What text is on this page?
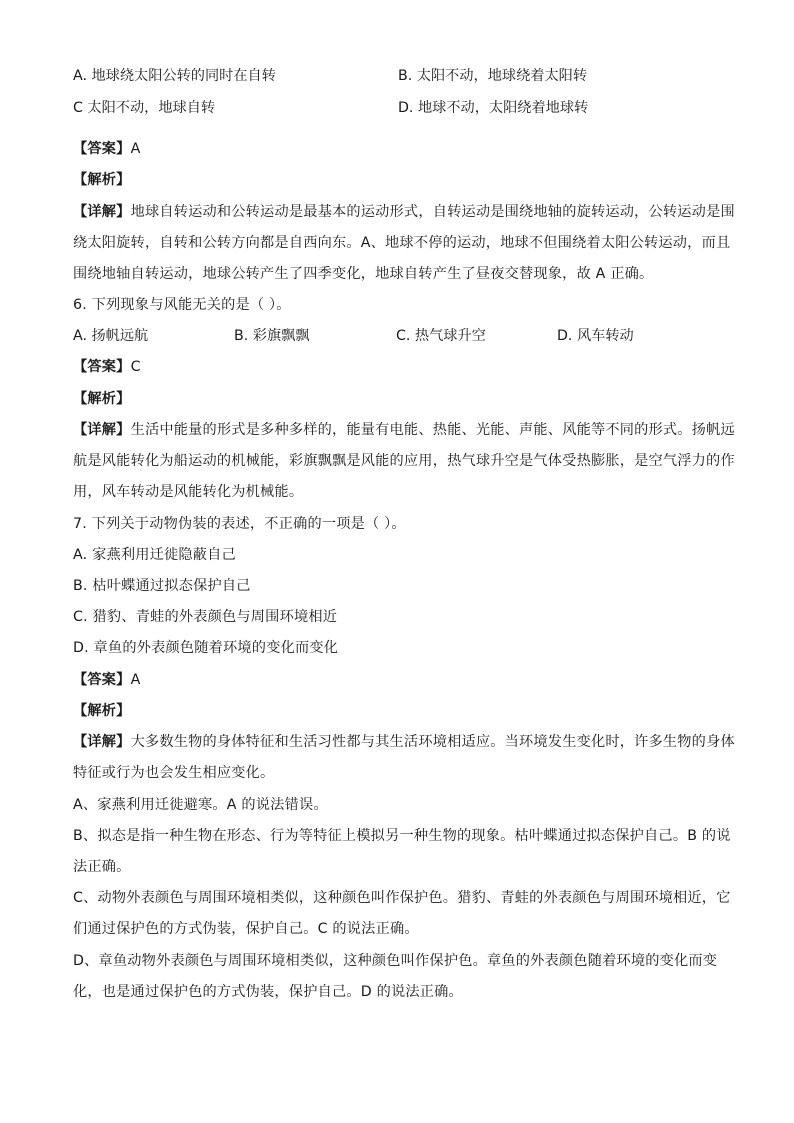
A. 地球绕太阳公转的同时在自转	B. 太阳不动，地球绕着太阳转
C 太阳不动，地球自转	D. 地球不动，太阳绕着地球转
【答案】A
【解析】
【详解】地球自转运动和公转运动是最基本的运动形式，自转运动是围绕地轴的旋转运动，公转运动是围
绕太阳旋转，自转和公转方向都是自西向东。A、地球不停的运动，地球不但围绕着太阳公转运动，而且
围绕地轴自转运动，地球公转产生了四季变化，地球自转产生了昼夜交替现象，故 A 正确。
6. 下列现象与风能无关的是（ ）。
A. 扬帆远航	B. 彩旗飘飘	C. 热气球升空	D. 风车转动
【答案】C
【解析】
【详解】生活中能量的形式是多种多样的，能量有电能、热能、光能、声能、风能等不同的形式。扬帆远
航是风能转化为船运动的机械能，彩旗飘飘是风能的应用，热气球升空是气体受热膨胀，是空气浮力的作
用，风车转动是风能转化为机械能。
7. 下列关于动物伪装的表述，不正确的一项是（ ）。
A. 家燕利用迁徙隐蔽自己
B. 枯叶蝶通过拟态保护自己
C. 猎豹、青蛙的外表颜色与周围环境相近
D. 章鱼的外表颜色随着环境的变化而变化
【答案】A
【解析】
【详解】大多数生物的身体特征和生活习性都与其生活环境相适应。当环境发生变化时，许多生物的身体
特征或行为也会发生相应变化。
A、家燕利用迁徙避寒。A 的说法错误。
B、拟态是指一种生物在形态、行为等特征上模拟另一种生物的现象。枯叶蝶通过拟态保护自己。B 的说
法正确。
C、动物外表颜色与周围环境相类似，这种颜色叫作保护色。猎豹、青蛙的外表颜色与周围环境相近，它
们通过保护色的方式伪装，保护自己。C 的说法正确。
D、章鱼动物外表颜色与周围环境相类似，这种颜色叫作保护色。章鱼的外表颜色随着环境的变化而变
化，也是通过保护色的方式伪装，保护自己。D 的说法正确。
